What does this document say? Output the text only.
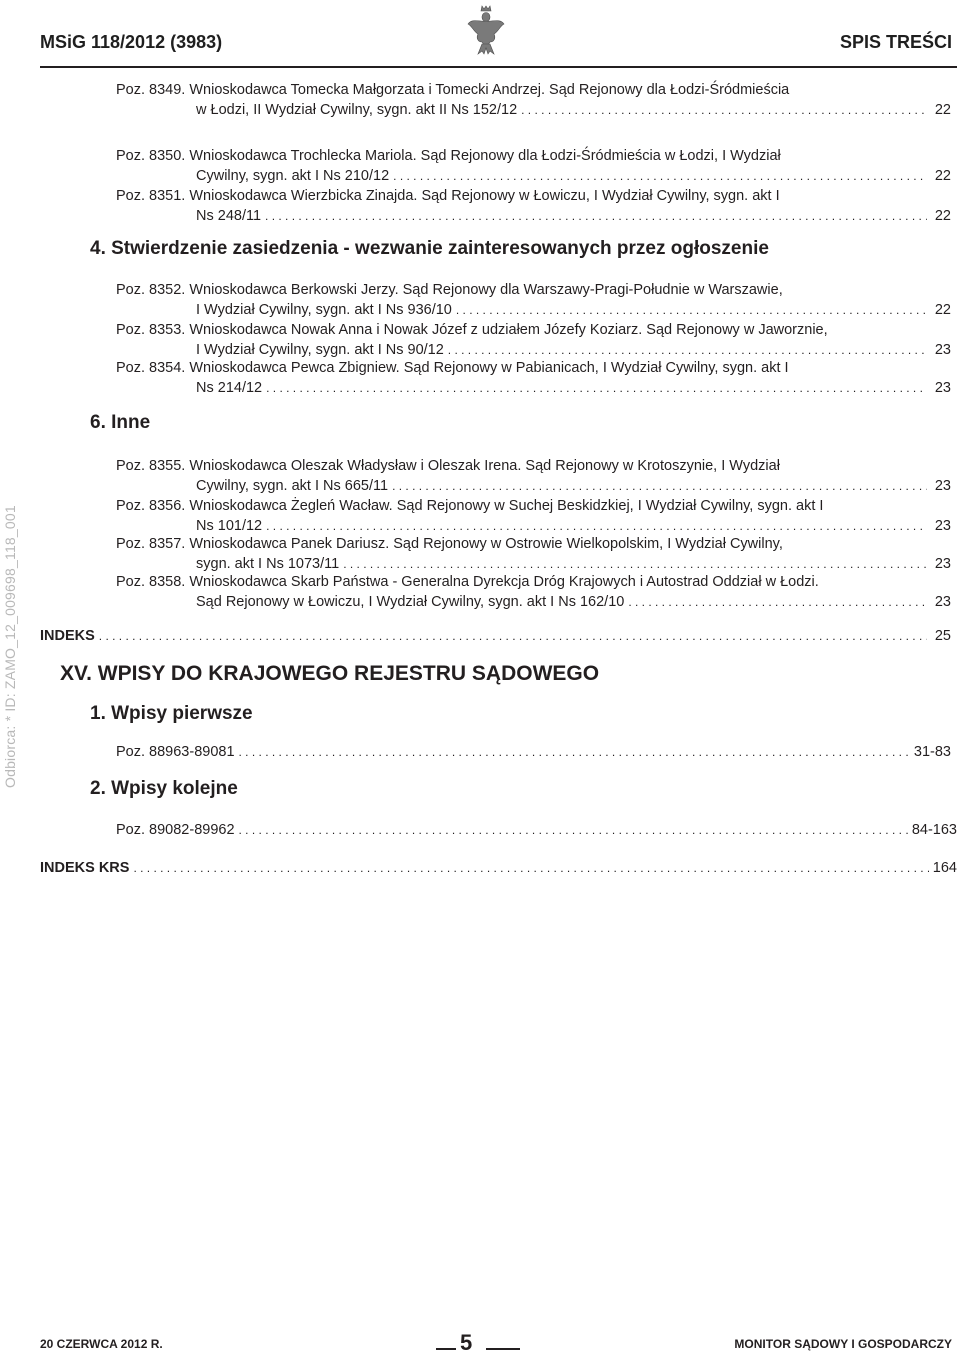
MSiG 118/2012 (3983)	SPIS TREŚCI
Odbiorca: * ID: ZAMO_12_009698_118_001
Poz. 8349. Wnioskodawca Tomecka Małgorzata i Tomecki Andrzej. Sąd Rejonowy dla Łodzi-Śródmieścia
w Łodzi, II Wydział Cywilny, sygn. akt II Ns 152/12 . . .	22
Poz. 8350. Wnioskodawca Trochlecka Mariola. Sąd Rejonowy dla Łodzi-Śródmieścia w Łodzi, I Wydział
Cywilny, sygn. akt I Ns 210/12 . . .	22
Poz. 8351. Wnioskodawca Wierzbicka Zinajda. Sąd Rejonowy w Łowiczu, I Wydział Cywilny, sygn. akt I
Ns 248/11 . . .	22
4. Stwierdzenie zasiedzenia - wezwanie zainteresowanych przez ogłoszenie
Poz. 8352. Wnioskodawca Berkowski Jerzy. Sąd Rejonowy dla Warszawy-Pragi-Południe w Warszawie,
I Wydział Cywilny, sygn. akt I Ns 936/10 . . .	22
Poz. 8353. Wnioskodawca Nowak Anna i Nowak Józef z udziałem Józefy Koziarz. Sąd Rejonowy w Jaworznie,
I Wydział Cywilny, sygn. akt I Ns 90/12 . . .	23
Poz. 8354. Wnioskodawca Pewca Zbigniew. Sąd Rejonowy w Pabianicach, I Wydział Cywilny, sygn. akt I
Ns 214/12 . . .	23
6. Inne
Poz. 8355. Wnioskodawca Oleszak Władysław i Oleszak Irena. Sąd Rejonowy w Krotoszynie, I Wydział
Cywilny, sygn. akt I Ns 665/11 . . .	23
Poz. 8356. Wnioskodawca Żegleń Wacław. Sąd Rejonowy w Suchej Beskidzkiej, I Wydział Cywilny, sygn. akt I
Ns 101/12 . . .	23
Poz. 8357. Wnioskodawca Panek Dariusz. Sąd Rejonowy w Ostrowie Wielkopolskim, I Wydział Cywilny,
sygn. akt I Ns 1073/11 . . .	23
Poz. 8358. Wnioskodawca Skarb Państwa - Generalna Dyrekcja Dróg Krajowych i Autostrad Oddział w Łodzi.
Sąd Rejonowy w Łowiczu, I Wydział Cywilny, sygn. akt I Ns 162/10 . . .	23
INDEKS . . .	25
XV. WPISY DO KRAJOWEGO REJESTRU SĄDOWEGO
1. Wpisy pierwsze
Poz. 88963-89081 . . .	31-83
2. Wpisy kolejne
Poz. 89082-89962 . . .	84-163
INDEKS KRS . . .	164
20 CZERWCA 2012 R.	5	MONITOR SĄDOWY I GOSPODARCZY
